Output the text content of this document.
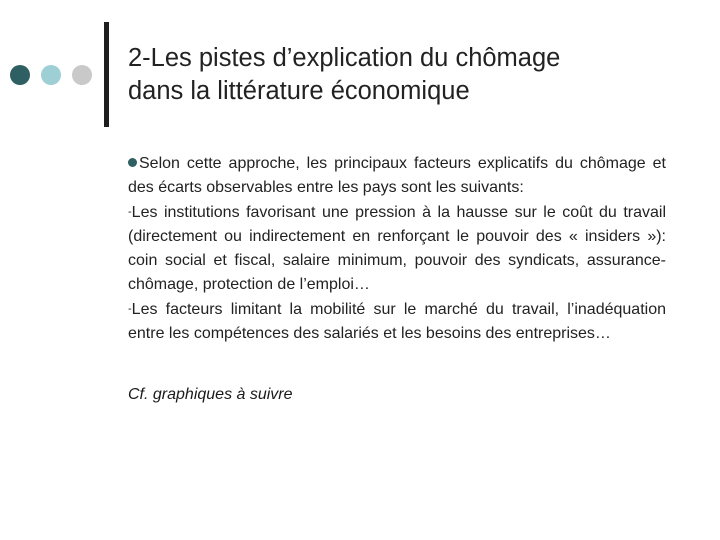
2-Les pistes d’explication du chômage
dans la littérature économique

Selon cette approche, les principaux facteurs explicatifs du chômage et des écarts observables entre les pays sont les suivants:

-Les institutions favorisant une pression à la hausse sur le coût du travail (directement ou indirectement en renforçant le pouvoir des « insiders »): coin social et fiscal, salaire minimum, pouvoir des syndicats, assurance-chômage, protection de l’emploi…

-Les facteurs limitant la mobilité sur le marché du travail, l’inadéquation entre les compétences des salariés et les besoins des entreprises…

Cf. graphiques à suivre
